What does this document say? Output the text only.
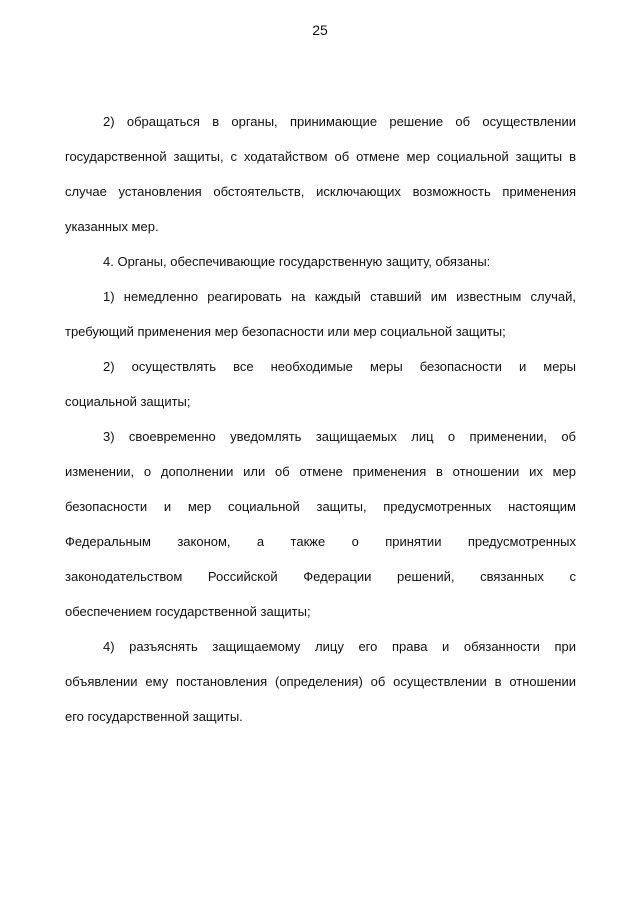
25
2) обращаться в органы, принимающие решение об осуществлении
государственной защиты, с ходатайством об отмене мер социальной защиты в
случае установления обстоятельств, исключающих возможность применения
указанных мер.
4. Органы, обеспечивающие государственную защиту, обязаны:
1) немедленно реагировать на каждый ставший им известным случай,
требующий применения мер безопасности или мер социальной защиты;
2) осуществлять все необходимые меры безопасности и меры
социальной защиты;
3) своевременно уведомлять защищаемых лиц о применении, об
изменении, о дополнении или об отмене применения в отношении их мер
безопасности и мер социальной защиты, предусмотренных настоящим
Федеральным законом, а также о принятии предусмотренных
законодательством Российской Федерации решений, связанных с
обеспечением государственной защиты;
4) разъяснять защищаемому лицу его права и обязанности при
объявлении ему постановления (определения) об осуществлении в отношении
его государственной защиты.
